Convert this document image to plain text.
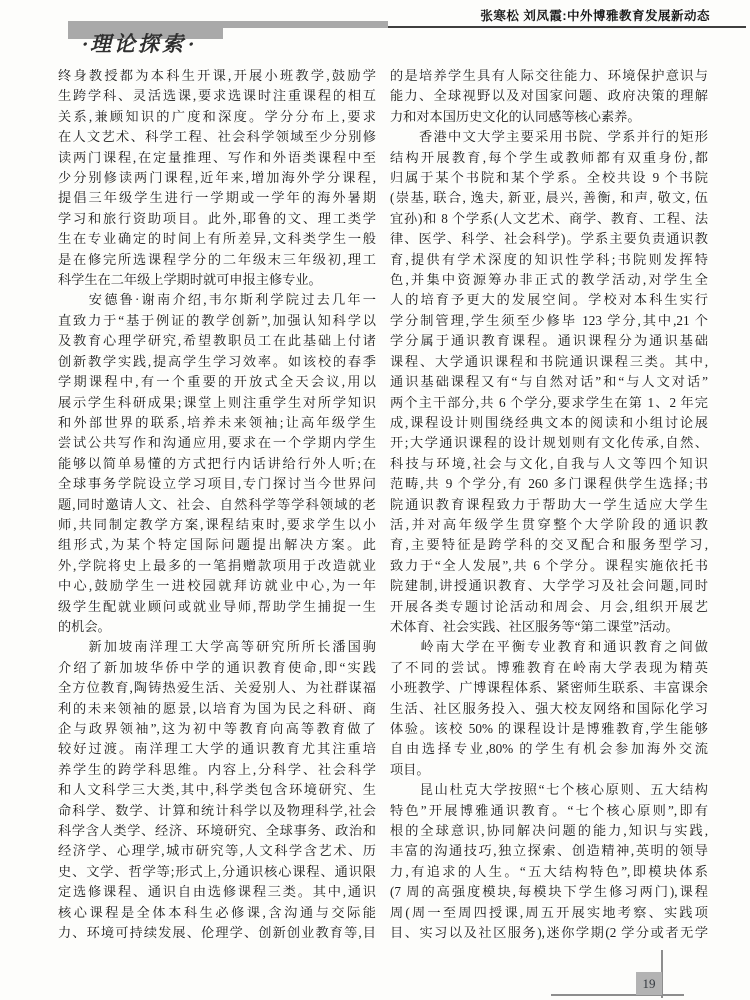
张寒松 刘凤霞:中外博雅教育发展新动态
·理论探索·
终身教授都为本科生开课,开展小班教学,鼓励学
生跨学科、灵活选课,要求选课时注重课程的相互
关系,兼顾知识的广度和深度。学分分布上,要求
在人文艺术、科学工程、社会科学领域至少分别修
读两门课程,在定量推理、写作和外语类课程中至
少分别修读两门课程,近年来,增加海外学分课程,
提倡三年级学生进行一学期或一学年的海外暑期
学习和旅行资助项目。此外,耶鲁的文、理工类学
生在专业确定的时间上有所差异,文科类学生一般
是在修完所选课程学分的二年级末三年级初,理工
科学生在二年级上学期时就可申报主修专业。
　　安德鲁·谢南介绍,韦尔斯利学院过去几年一
直致力于“基于例证的教学创新”,加强认知科学以
及教育心理学研究,希望教职员工在此基础上付诸
创新教学实践,提高学生学习效率。如该校的春季
学期课程中,有一个重要的开放式全天会议,用以
展示学生科研成果;课堂上则注重学生对所学知识
和外部世界的联系,培养未来领袖;让高年级学生
尝试公共写作和沟通应用,要求在一个学期内学生
能够以简单易懂的方式把行内话讲给行外人听;在
全球事务学院设立学习项目,专门探讨当今世界问
题,同时邀请人文、社会、自然科学等学科领域的老
师,共同制定教学方案,课程结束时,要求学生以小
组形式,为某个特定国际问题提出解决方案。此
外,学院将史上最多的一笔捐赠款项用于改造就业
中心,鼓励学生一进校园就拜访就业中心,为一年
级学生配就业顾问或就业导师,帮助学生捕捉一生
的机会。
　　新加坡南洋理工大学高等研究所所长潘国驹
介绍了新加坡华侨中学的通识教育使命,即“实践
全方位教育,陶铸热爱生活、关爱别人、为社群谋福
利的未来领袖的愿景,以培育为国为民之科研、商
企与政界领袖”,这为初中等教育向高等教育做了
较好过渡。南洋理工大学的通识教育尤其注重培
养学生的跨学科思维。内容上,分科学、社会科学
和人文科学三大类,其中,科学类包含环境研究、生
命科学、数学、计算和统计科学以及物理科学,社会
科学含人类学、经济、环境研究、全球事务、政治和
经济学、心理学,城市研究等,人文科学含艺术、历
史、文学、哲学等;形式上,分通识核心课程、通识限
定选修课程、通识自由选修课程三类。其中,通识
核心课程是全体本科生必修课,含沟通与交际能
力、环境可持续发展、伦理学、创新创业教育等,目
的是培养学生具有人际交往能力、环境保护意识与
能力、全球视野以及对国家问题、政府决策的理解
力和对本国历史文化的认同感等核心素养。
　　香港中文大学主要采用书院、学系并行的矩形
结构开展教育,每个学生或教师都有双重身份,都
归属于某个书院和某个学系。全校共设 9 个书院
(崇基, 联合, 逸夫, 新亚, 晨兴, 善衡, 和声, 敬文, 伍
宜孙)和 8 个学系(人文艺术、商学、教育、工程、法
律、医学、科学、社会科学)。学系主要负责通识教
育,提供有学术深度的知识性学科;书院则发挥特
色,并集中资源筹办非正式的教学活动,对学生全
人的培育予更大的发展空间。学校对本科生实行
学分制管理,学生须至少修毕 123 学分,其中,21 个
学分属于通识教育课程。通识课程分为通识基础
课程、大学通识课程和书院通识课程三类。其中,
通识基础课程又有“与自然对话”和“与人文对话”
两个主干部分,共 6 个学分,要求学生在第 1、2 年完
成,课程设计则围绕经典文本的阅读和小组讨论展
开;大学通识课程的设计规划则有文化传承,自然、
科技与环境,社会与文化,自我与人文等四个知识
范畴,共 9 个学分,有 260 多门课程供学生选择;书
院通识教育课程致力于帮助大一学生适应大学生
活,并对高年级学生贯穿整个大学阶段的通识教
育,主要特征是跨学科的交叉配合和服务型学习,
致力于“全人发展”,共 6 个学分。课程实施依托书
院建制,讲授通识教育、大学学习及社会问题,同时
开展各类专题讨论活动和周会、月会,组织开展艺
术体育、社会实践、社区服务等“第二课堂”活动。
　　岭南大学在平衡专业教育和通识教育之间做
了不同的尝试。博雅教育在岭南大学表现为精英
小班教学、广博课程体系、紧密师生联系、丰富课余
生活、社区服务投入、强大校友网络和国际化学习
体验。该校 50% 的课程设计是博雅教育,学生能够
自由选择专业,80% 的学生有机会参加海外交流
项目。
　　昆山杜克大学按照“七个核心原则、五大结构
特色”开展博雅通识教育。“七个核心原则”,即有
根的全球意识,协同解决问题的能力,知识与实践,
丰富的沟通技巧,独立探索、创造精神,英明的领导
力,有追求的人生。“五大结构特色”,即模块体系
(7 周的高强度模块,每模块下学生修习两门),课程
周(周一至周四授课,周五开展实地考察、实践项
目、实习以及社区服务),迷你学期(2 学分或者无学
19
